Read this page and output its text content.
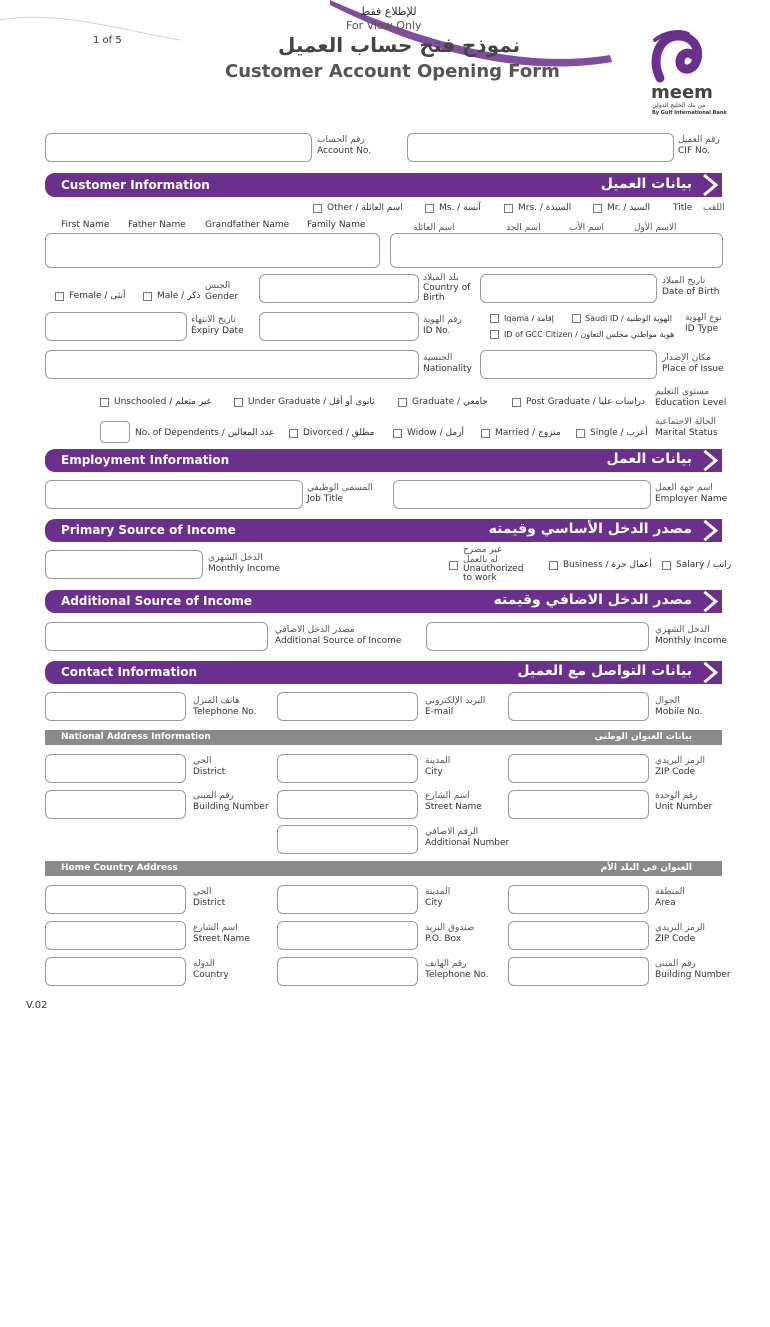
للإطلاع فقط
For View Only
1 of 5	نموذج فتح حساب العميل
Customer Account Opening Form
meem
من بنك الخليج الدولي
By Gulf International Bank
رقم الحساب
Account No.
رقم العميل
CIF No.
Customer Information	بيانات العميل
Other / اسم العائلة	Ms. / آنسة	Mrs. / السيدة	Mr. / السيد	Title اللقب
First Name Father Name Grandfather Name Family Name	اسم العائلة	اسم الجد	اسم الأب	الاسم الأول
Female / أنثى	Male / ذكر
الجنس
Gender
بلد الميلاد
Country of
Birth
تاريخ الميلاد
Date of Birth
تاريخ الانتهاء
Expiry Date
رقم الهوية
ID No.
Iqama / إقامة	Saudi ID / الهوية الوطنية
ID of GCC Citizen / هوية مواطني مجلس التعاون
نوع الهوية
ID Type
الجنسية
Nationality
مكان الإصدار
Place of Issue
Unschooled / غير متعلم	Under Graduate / ثانوي أو أقل	Graduate / جامعي	Post Graduate / دراسات عليا
مستوى التعليم
Education Level
No. of Dependents / عدد المعالين	Divorced / مطلق	Widow / أرمل	Married / متزوج	Single / أعزب
الحالة الاجتماعية
Marital Status
Employment Information	بيانات العمل
المسمى الوظيفي
Job Title
اسم جهة العمل
Employer Name
Primary Source of Income	مصدر الدخل الأساسي وقيمته
الدخل الشهري
Monthly Income
غير مصرح
له بالعمل
Unauthorized
to work
Business / أعمال حرة	Salary / راتب
Additional Source of Income	مصدر الدخل الاضافي وقيمته
مصدر الدخل الاضافي
Additional Source of Income
الدخل الشهري
Monthly Income
Contact Information	بيانات التواصل مع العميل
هاتف المنزل
Telephone No.
البريد الإلكتروني
E-mail
الجوال
Mobile No.
National Address Information	بيانات العنوان الوطني
الحي
District
المدينة
City
الرمز البريدي
ZIP Code
رقم المبنى
Building Number
اسم الشارع
Street Name
رقم الوحدة
Unit Number
الرقم الاضافي
Additional Number
Home Country Address	العنوان في البلد الأم
الحي
District
المدينة
City
المنطقة
Area
اسم الشارع
Street Name
صندوق البريد
P.O. Box
الرمز البريدي
ZIP Code
الدولة
Country
رقم الهاتف
Telephone No.
رقم المبنى
Building Number
V.02
